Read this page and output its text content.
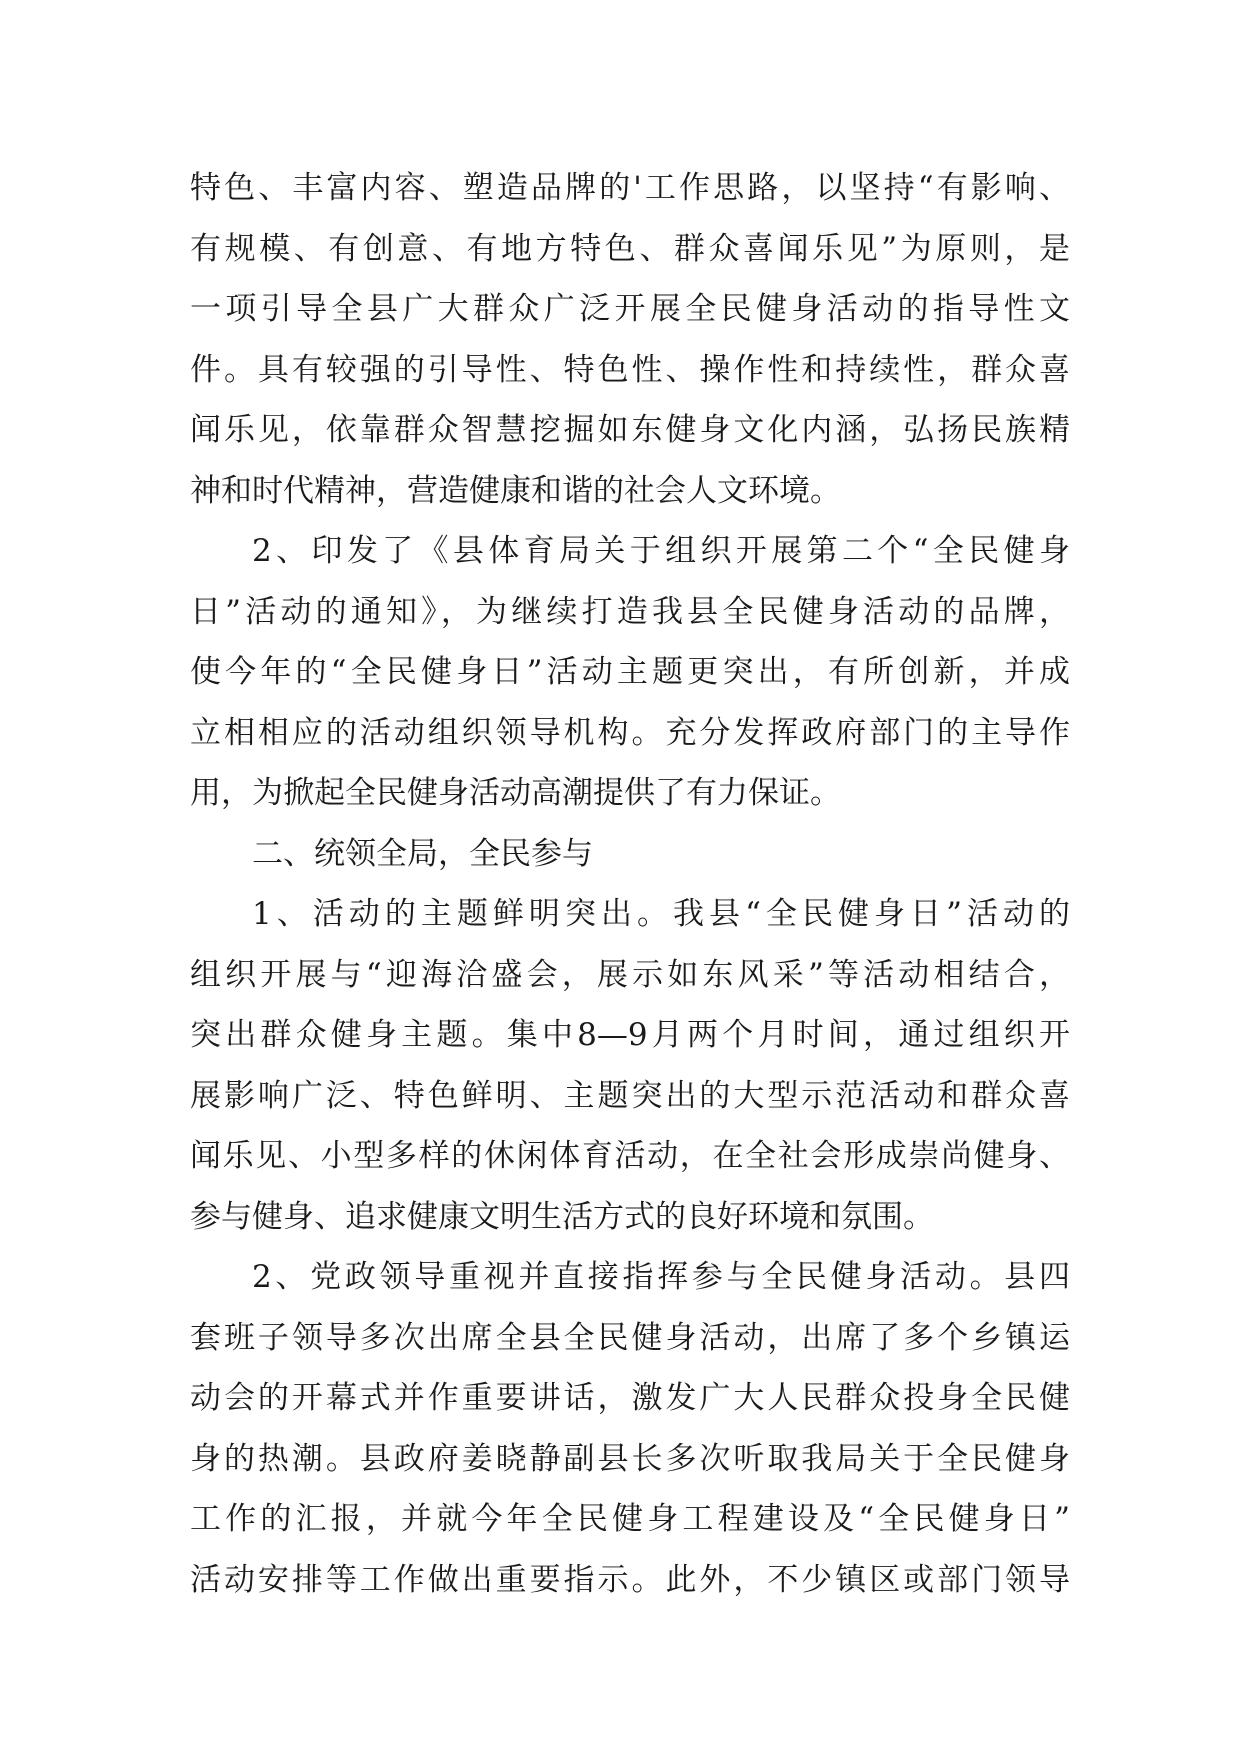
特色、丰富内容、塑造品牌的'工作思路，以坚持“有影响、
有规模、有创意、有地方特色、群众喜闻乐见”为原则，是
一项引导全县广大群众广泛开展全民健身活动的指导性文
件。具有较强的引导性、特色性、操作性和持续性，群众喜
闻乐见，依靠群众智慧挖掘如东健身文化内涵，弘扬民族精
神和时代精神，营造健康和谐的社会人文环境。
2、印发了《县体育局关于组织开展第二个“全民健身
日”活动的通知》，为继续打造我县全民健身活动的品牌，
使今年的“全民健身日”活动主题更突出，有所创新，并成
立相相应的活动组织领导机构。充分发挥政府部门的主导作
用，为掀起全民健身活动高潮提供了有力保证。
二、统领全局，全民参与
1、活动的主题鲜明突出。我县“全民健身日”活动的
组织开展与“迎海洽盛会，展示如东风采”等活动相结合，
突出群众健身主题。集中8—9月两个月时间，通过组织开
展影响广泛、特色鲜明、主题突出的大型示范活动和群众喜
闻乐见、小型多样的休闲体育活动，在全社会形成崇尚健身、
参与健身、追求健康文明生活方式的良好环境和氛围。
2、党政领导重视并直接指挥参与全民健身活动。县四
套班子领导多次出席全县全民健身活动，出席了多个乡镇运
动会的开幕式并作重要讲话，激发广大人民群众投身全民健
身的热潮。县政府姜晓静副县长多次听取我局关于全民健身
工作的汇报，并就今年全民健身工程建设及“全民健身日”
活动安排等工作做出重要指示。此外，不少镇区或部门领导
